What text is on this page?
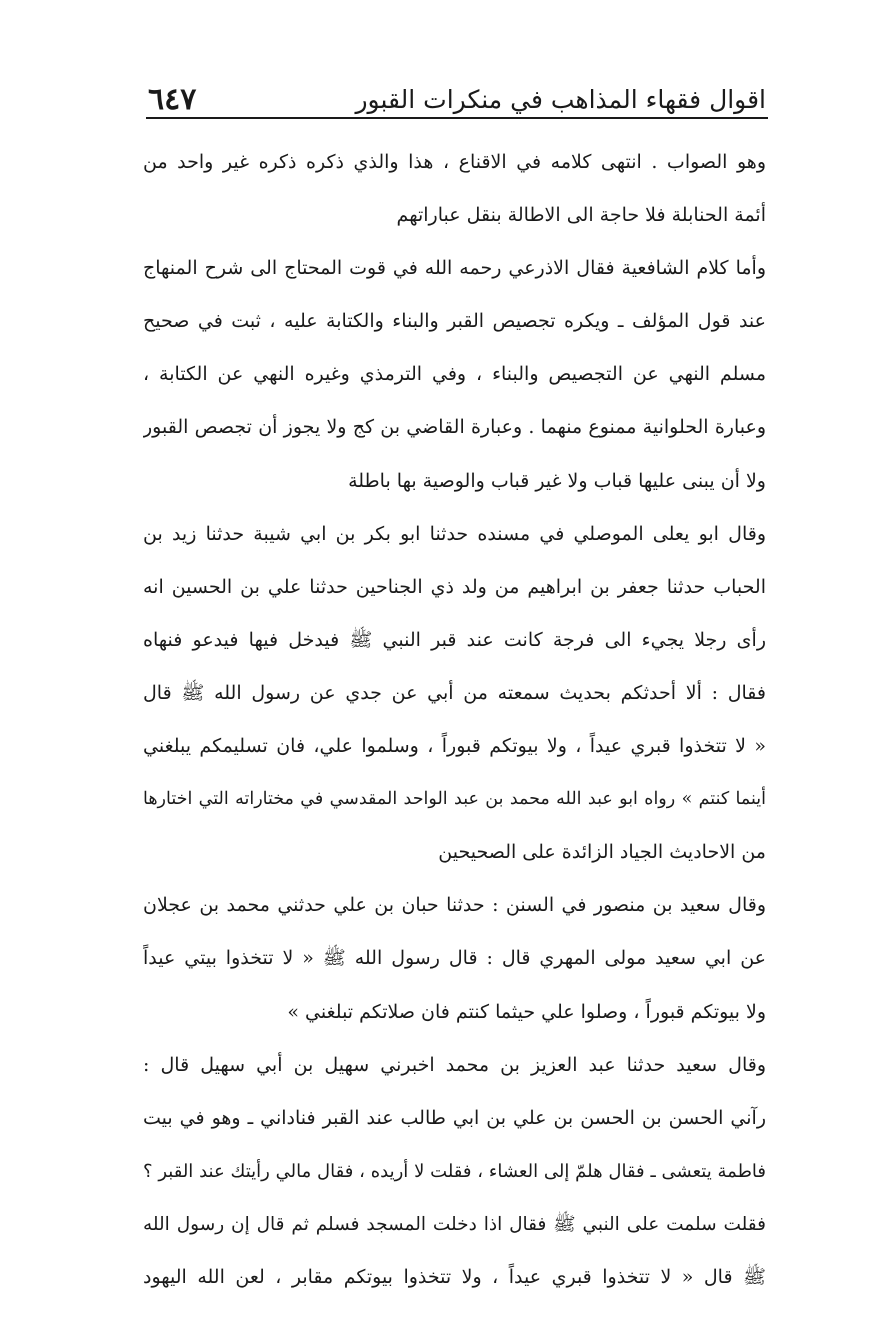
اقوال فقهاء المذاهب في منكرات القبور
٦٤٧
وهو الصواب . انتهى كلامه في الاقناع ، هذا والذي ذكره ذكره غير واحد من
أئمة الحنابلة فلا حاجة الى الاطالة بنقل عباراتهم
وأما كلام الشافعية فقال الاذرعي رحمه الله في قوت المحتاج الى شرح المنهاج
عند قول المؤلف ـ ويكره تجصيص القبر والبناء والكتابة عليه ، ثبت في صحيح
مسلم النهي عن التجصيص والبناء ، وفي الترمذي وغيره النهي عن الكتابة ،
وعبارة الحلوانية ممنوع منهما . وعبارة القاضي بن كج ولا يجوز أن تجصص القبور
ولا أن يبنى عليها قباب ولا غير قباب والوصية بها باطلة
وقال ابو يعلى الموصلي في مسنده حدثنا ابو بكر بن ابي شيبة حدثنا زيد بن
الحباب حدثنا جعفر بن ابراهيم من ولد ذي الجناحين حدثنا علي بن الحسين انه
رأى رجلا يجيء الى فرجة كانت عند قبر النبي ﷺ فيدخل فيها فيدعو فنهاه
فقال : ألا أحدثكم بحديث سمعته من أبي عن جدي عن رسول الله ﷺ قال
« لا تتخذوا قبري عيداً ، ولا بيوتكم قبوراً ، وسلموا علي، فان تسليمكم يبلغني
أينما كنتم » رواه ابو عبد الله محمد بن عبد الواحد المقدسي في مختاراته التي اختارها
من الاحاديث الجياد الزائدة على الصحيحين
وقال سعيد بن منصور في السنن : حدثنا حبان بن علي حدثني محمد بن عجلان
عن ابي سعيد مولى المهري قال : قال رسول الله ﷺ « لا تتخذوا بيتي عيداً
ولا بيوتكم قبوراً ، وصلوا علي حيثما كنتم فان صلاتكم تبلغني »
وقال سعيد حدثنا عبد العزيز بن محمد اخبرني سهيل بن أبي سهيل قال :
رآني الحسن بن الحسن بن علي بن ابي طالب عند القبر فناداني ـ وهو في بيت
فاطمة يتعشى ـ فقال هلمّ إلى العشاء ، فقلت لا أريده ، فقال مالي رأيتك عند القبر ؟
فقلت سلمت على النبي ﷺ فقال اذا دخلت المسجد فسلم ثم قال إن رسول الله
ﷺ قال « لا تتخذوا قبري عيداً ، ولا تتخذوا بيوتكم مقابر ، لعن الله اليهود
